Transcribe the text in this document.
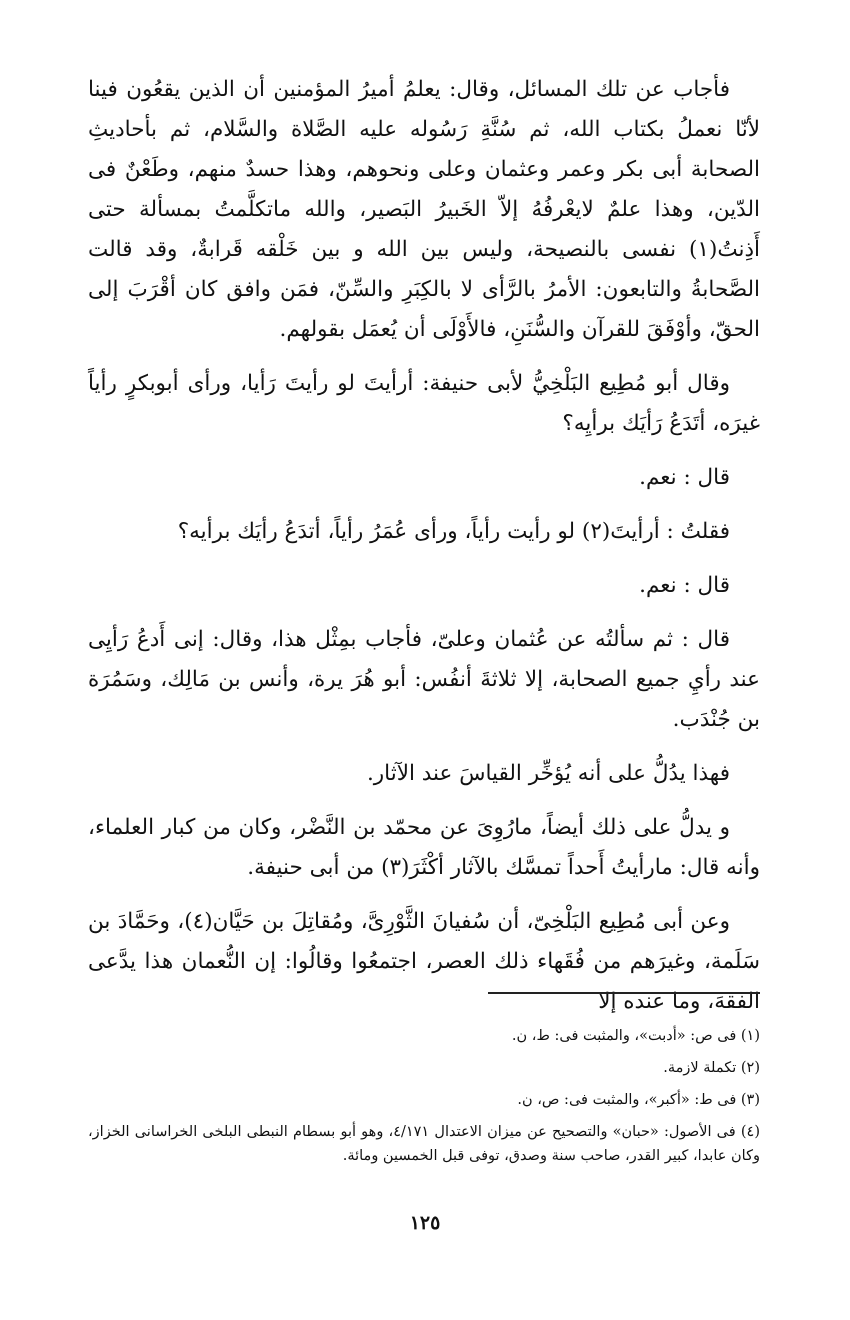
فأجاب عن تلك المسائل، وقال: يعلمُ أميرُ المؤمنين أن الذين يقعُون فينا لأنّا نعملُ بكتاب الله، ثم سُنَّةِ رَسُوله عليه الصَّلاة والسَّلام، ثم بأحاديثِ الصحابة أبى بكر وعمر وعثمان وعلى ونحوهم، وهذا حسدٌ منهم، وطَعْنٌ فى الدّين، وهذا علمٌ لايعْرفُهُ إلاّ الخَبيرُ البَصير، والله ماتكلَّمتُ بمسألة حتى أَذِنتُ(١) نفسى بالنصيحة، وليس بين الله و بين خَلْقه قَرابةٌ، وقد قالت الصَّحابةُ والتابعون: الأمرُ بالرَّأى لا بالكِبَرِ والسِّنّ، فمَن وافق كان أقْرَبَ إلى الحقّ، وأوْفَقَ للقرآن والسُّنَنِ، فالأَوْلَى أن يُعمَل بقولهم.

وقال أبو مُطِيع البَلْخِيُّ لأبى حنيفة: أرأيتَ لو رأيتَ رَأيا، ورأى أبوبكرٍ رأياً غيرَه، أتَدَعُ رَأيَك برأيِه؟

قال : نعم.

فقلتُ : أرأيتَ(٢) لو رأيت رأياً، ورأى عُمَرُ رأياً، أتدَعُ رأيَك برأيه؟

قال : نعم.

قال : ثم سألتُه عن عُثمان وعلىّ، فأجاب بمِثْل هذا، وقال: إنى أَدعُ رَأيِى عند رأيِ جميع الصحابة، إلا ثلاثةَ أنفُس: أبو هُرَ يرة، وأنس بن مَالِك، وسَمُرَة بن جُنْدَب.

فهذا يدُلُّ على أنه يُؤخِّر القياسَ عند الآثار.

و يدلُّ على ذلك أيضاً، مارُوِىَ عن محمّد بن النَّضْر، وكان من كبار العلماء، وأنه قال: مارأيتُ أَحداً تمسَّك بالآثار أكْثَرَ(٣) من أبى حنيفة.

وعن أبى مُطِيع البَلْخِىّ، أن سُفيانَ الثَّوْرِىَّ، ومُقاتِلَ بن حَيَّان(٤)، وحَمَّادَ بن سَلَمة، وغيرَهم من فُقَهاء ذلك العصر، اجتمعُوا وقالُوا: إن النُّعمان هذا يدَّعى الفقهَ، وما عنده إلا

(١) فى ص: «أدبت»، والمثبت فى: ط، ن.

(٢) تكملة لازمة.

(٣) فى ط: «أكبر»، والمثبت فى: ص، ن.

(٤) فى الأصول: «حبان» والتصحيح عن ميزان الاعتدال ٤/١٧١، وهو أبو بسطام النبطى البلخى الخراسانى الخزاز، وكان عابدا، كبير القدر، صاحب سنة وصدق، توفى قبل الخمسين ومائة.

١٢٥
